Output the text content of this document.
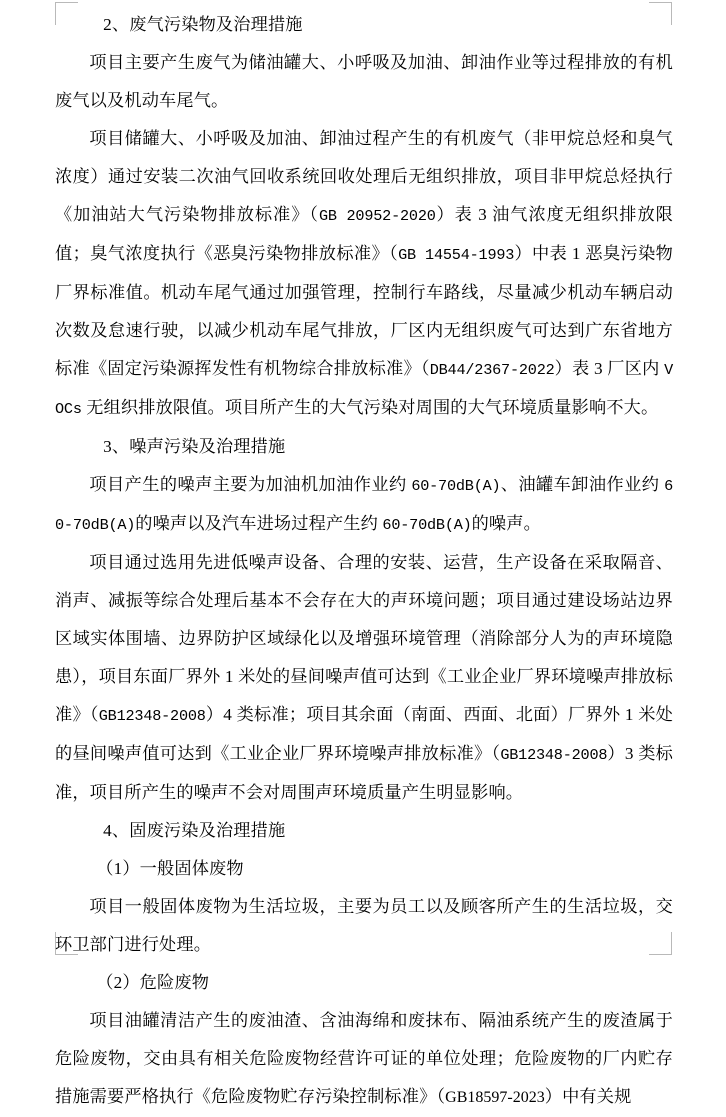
2、废气污染物及治理措施

项目主要产生废气为储油罐大、小呼吸及加油、卸油作业等过程排放的有机废气以及机动车尾气。

项目储罐大、小呼吸及加油、卸油过程产生的有机废气（非甲烷总烃和臭气浓度）通过安装二次油气回收系统回收处理后无组织排放，项目非甲烷总烃执行《加油站大气污染物排放标准》（GB 20952-2020）表 3 油气浓度无组织排放限值；臭气浓度执行《恶臭污染物排放标准》（GB 14554-1993）中表 1 恶臭污染物厂界标准值。机动车尾气通过加强管理，控制行车路线，尽量减少机动车辆启动次数及怠速行驶，以减少机动车尾气排放，厂区内无组织废气可达到广东省地方标准《固定污染源挥发性有机物综合排放标准》（DB44/2367-2022）表 3 厂区内 VOCs 无组织排放限值。项目所产生的大气污染对周围的大气环境质量影响不大。

3、噪声污染及治理措施

项目产生的噪声主要为加油机加油作业约 60-70dB(A)、油罐车卸油作业约 60-70dB(A)的噪声以及汽车进场过程产生约 60-70dB(A)的噪声。

项目通过选用先进低噪声设备、合理的安装、运营，生产设备在采取隔音、消声、减振等综合处理后基本不会存在大的声环境问题；项目通过建设场站边界区域实体围墙、边界防护区域绿化以及增强环境管理（消除部分人为的声环境隐患），项目东面厂界外 1 米处的昼间噪声值可达到《工业企业厂界环境噪声排放标准》（GB12348-2008）4 类标准；项目其余面（南面、西面、北面）厂界外 1 米处的昼间噪声值可达到《工业企业厂界环境噪声排放标准》（GB12348-2008）3 类标准，项目所产生的噪声不会对周围声环境质量产生明显影响。

4、固废污染及治理措施

（1）一般固体废物

项目一般固体废物为生活垃圾，主要为员工以及顾客所产生的生活垃圾，交环卫部门进行处理。

（2）危险废物

项目油罐清洁产生的废油渣、含油海绵和废抹布、隔油系统产生的废渣属于危险废物，交由具有相关危险废物经营许可证的单位处理；危险废物的厂内贮存措施需要严格执行《危险废物贮存污染控制标准》（GB18597-2023）中有关规
